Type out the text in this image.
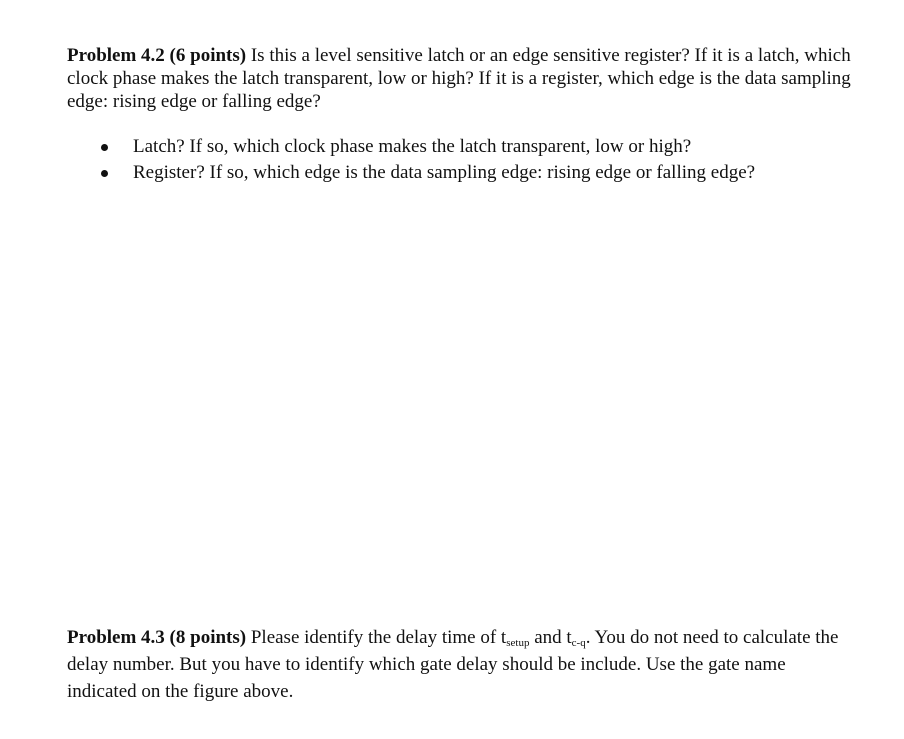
Problem 4.2 (6 points) Is this a level sensitive latch or an edge sensitive register? If it is a latch, which clock phase makes the latch transparent, low or high? If it is a register, which edge is the data sampling edge: rising edge or falling edge?
Latch? If so, which clock phase makes the latch transparent, low or high?
Register? If so, which edge is the data sampling edge: rising edge or falling edge?
Problem 4.3 (8 points) Please identify the delay time of $t_{setup}$ and $t_{c-q}$. You do not need to calculate the delay number. But you have to identify which gate delay should be include. Use the gate name indicated on the figure above.
